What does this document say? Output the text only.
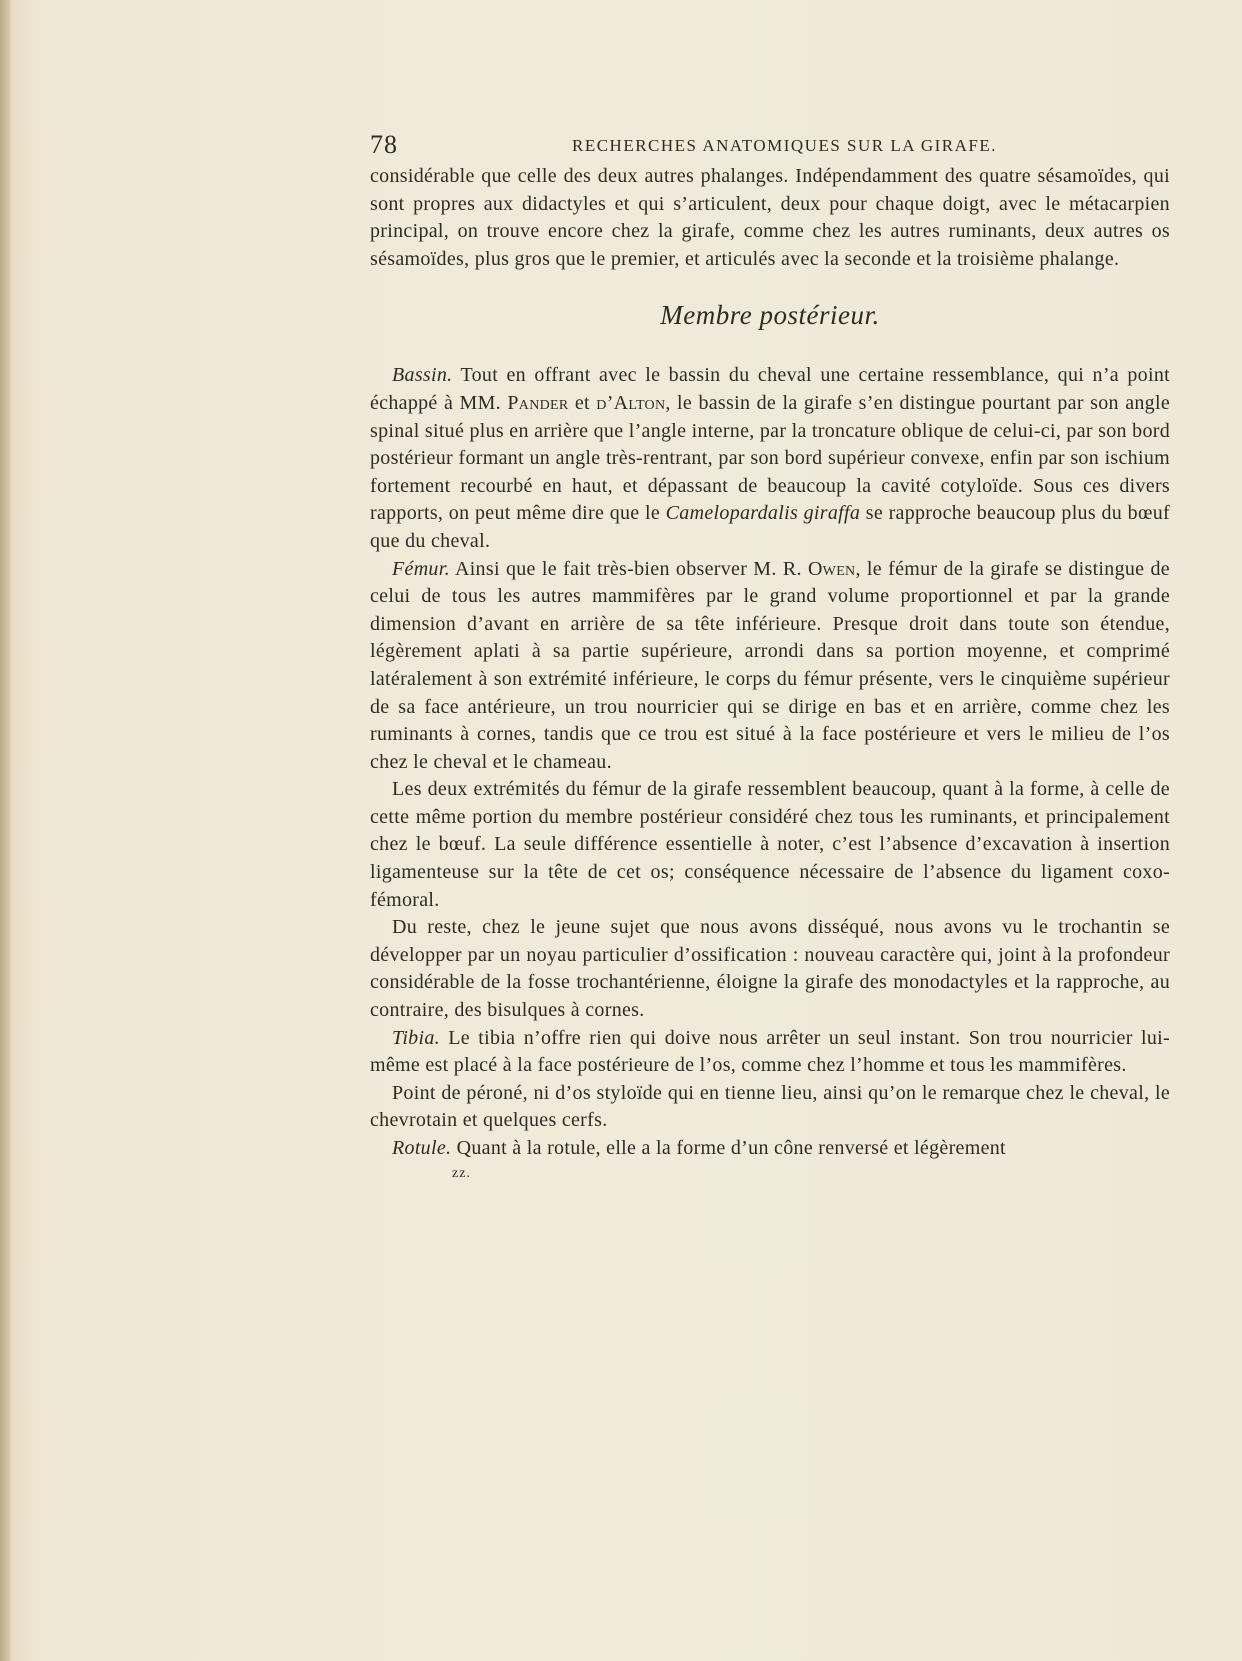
78	RECHERCHES ANATOMIQUES SUR LA GIRAFE.

considérable que celle des deux autres phalanges. Indépendamment des quatre sésamoïdes, qui sont propres aux didactyles et qui s’articulent, deux pour chaque doigt, avec le métacarpien principal, on trouve encore chez la girafe, comme chez les autres ruminants, deux autres os sésamoïdes, plus gros que le premier, et articulés avec la seconde et la troisième phalange.

Membre postérieur.

Bassin. Tout en offrant avec le bassin du cheval une certaine ressemblance, qui n’a point échappé à MM. Pander et d’Alton, le bassin de la girafe s’en distingue pourtant par son angle spinal situé plus en arrière que l’angle interne, par la troncature oblique de celui-ci, par son bord postérieur formant un angle très-rentrant, par son bord supérieur convexe, enfin par son ischium fortement recourbé en haut, et dépassant de beaucoup la cavité cotyloïde. Sous ces divers rapports, on peut même dire que le Camelopardalis giraffa se rapproche beaucoup plus du bœuf que du cheval.

Fémur. Ainsi que le fait très-bien observer M. R. Owen, le fémur de la girafe se distingue de celui de tous les autres mammifères par le grand volume proportionnel et par la grande dimension d’avant en arrière de sa tête inférieure. Presque droit dans toute son étendue, légèrement aplati à sa partie supérieure, arrondi dans sa portion moyenne, et comprimé latéralement à son extrémité inférieure, le corps du fémur présente, vers le cinquième supérieur de sa face antérieure, un trou nourricier qui se dirige en bas et en arrière, comme chez les ruminants à cornes, tandis que ce trou est situé à la face postérieure et vers le milieu de l’os chez le cheval et le chameau.

Les deux extrémités du fémur de la girafe ressemblent beaucoup, quant à la forme, à celle de cette même portion du membre postérieur considéré chez tous les ruminants, et principalement chez le bœuf. La seule différence essentielle à noter, c’est l’absence d’excavation à insertion ligamenteuse sur la tête de cet os; conséquence nécessaire de l’absence du ligament coxo-fémoral.

Du reste, chez le jeune sujet que nous avons disséqué, nous avons vu le trochantin se développer par un noyau particulier d’ossification : nouveau caractère qui, joint à la profondeur considérable de la fosse trochantérienne, éloigne la girafe des monodactyles et la rapproche, au contraire, des bisulques à cornes.

Tibia. Le tibia n’offre rien qui doive nous arrêter un seul instant. Son trou nourricier lui-même est placé à la face postérieure de l’os, comme chez l’homme et tous les mammifères.

Point de péroné, ni d’os styloïde qui en tienne lieu, ainsi qu’on le remarque chez le cheval, le chevrotain et quelques cerfs.

Rotule. Quant à la rotule, elle a la forme d’un cône renversé et légèrement

zz.
